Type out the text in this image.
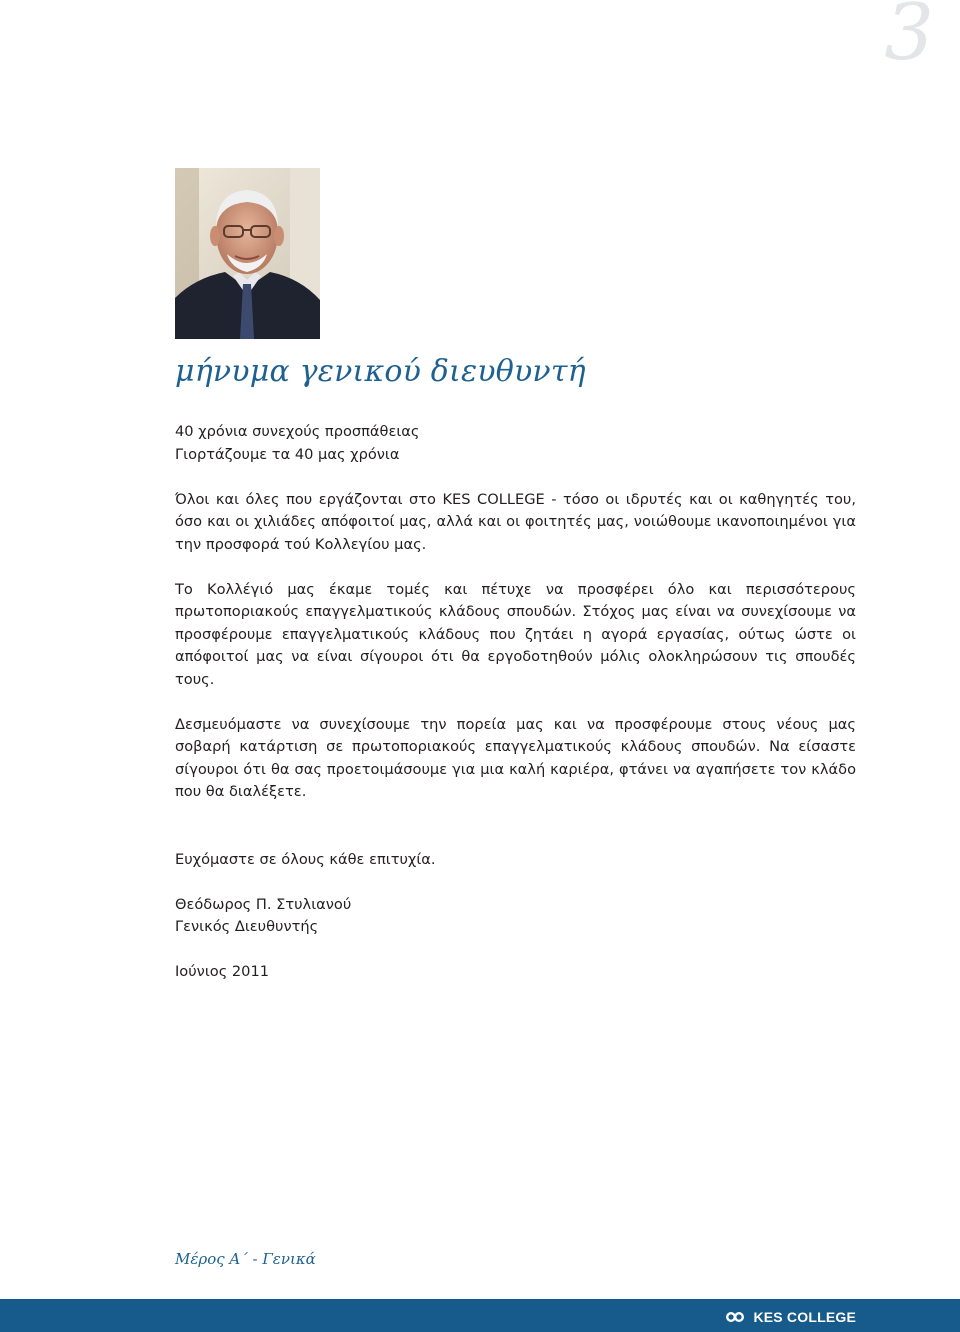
3
μήνυμα γενικού διευθυντή

40 χρόνια συνεχούς προσπάθειας

Γιορτάζουμε τα 40 μας χρόνια

Όλοι και όλες που εργάζονται στο KES COLLEGE - τόσο οι ιδρυτές και οι καθηγητές του, όσο και οι χιλιάδες απόφοιτοί μας, αλλά και οι φοιτητές μας, νοιώθουμε ικανοποιημένοι για την προσφορά τού Κολλεγίου μας.

Το Κολλέγιό μας έκαμε τομές και πέτυχε να προσφέρει όλο και περισσότερους πρωτοποριακούς επαγγελματικούς κλάδους σπουδών. Στόχος μας είναι να συνεχίσουμε να προσφέρουμε επαγγελματικούς κλάδους που ζητάει η αγορά εργασίας, ούτως ώστε οι απόφοιτοί μας να είναι σίγουροι ότι θα εργοδοτηθούν μόλις ολοκληρώσουν τις σπουδές τους.

Δεσμευόμαστε να συνεχίσουμε την πορεία μας και να προσφέρουμε στους νέους μας σοβαρή κατάρτιση σε πρωτοποριακούς επαγγελματικούς κλάδους σπουδών. Να είσαστε σίγουροι ότι θα σας προετοιμάσουμε για μια καλή καριέρα, φτάνει να αγαπήσετε τον κλάδο που θα διαλέξετε.

Ευχόμαστε σε όλους κάθε επιτυχία.

Θεόδωρος Π. Στυλιανού

Γενικός Διευθυντής

Ιούνιος 2011

Μέρος Α΄ - Γενικά
KES COLLEGE
